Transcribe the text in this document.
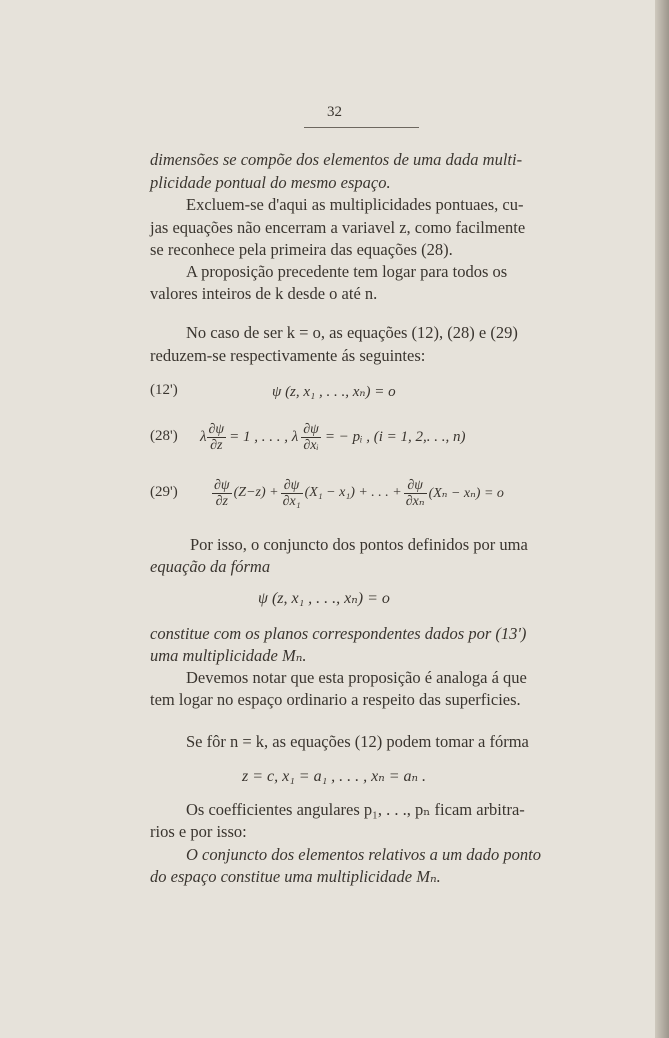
32
dimensões se compõe dos elementos de uma dada multi-
plicidade pontual do mesmo espaço.
Excluem-se d'aqui as multiplicidades pontuaes, cu-
jas equações não encerram a variavel z, como facilmente
se reconhece pela primeira das equações (28).
A proposição precedente tem logar para todos os
valores inteiros de k desde o até n.
No caso de ser k = o, as equações (12), (28) e (29)
reduzem-se respectivamente ás seguintes:
(12')	ψ (z, x₁ , . . ., xₙ) = o
(28') λ $\frac{\partial\psi}{\partial z} = 1$ , . . . , λ $\frac{\partial\psi}{\text{∂xᵢ}}$ = − pᵢ , (i = 1, 2,. . ., n)
$(29') \frac{\partial\psi}{\partial z} (Z-z) + \frac{\partial\psi}{\text{∂x₁}} (X_1 - x_1)$ + . . . + $\frac{\partial\psi}{\text{∂xₙ}} (X_n - x_n) = o$
Por isso, o conjuncto dos pontos definidos por uma
equação da fórma
ψ (z, x₁ , . . ., xₙ) = o
constitue com os planos correspondentes dados por (13')
uma multiplicidade Mₙ.
Devemos notar que esta proposição é analoga á que
tem logar no espaço ordinario a respeito das superficies.
Se fôr n = k, as equações (12) podem tomar a fórma
z = c, x₁ = a₁ , . . . , xₙ = aₙ .
Os coefficientes angulares p₁, . . ., pₙ ficam arbitra-
rios e por isso:
O conjuncto dos elementos relativos a um dado ponto
do espaço constitue uma multiplicidade Mₙ.
